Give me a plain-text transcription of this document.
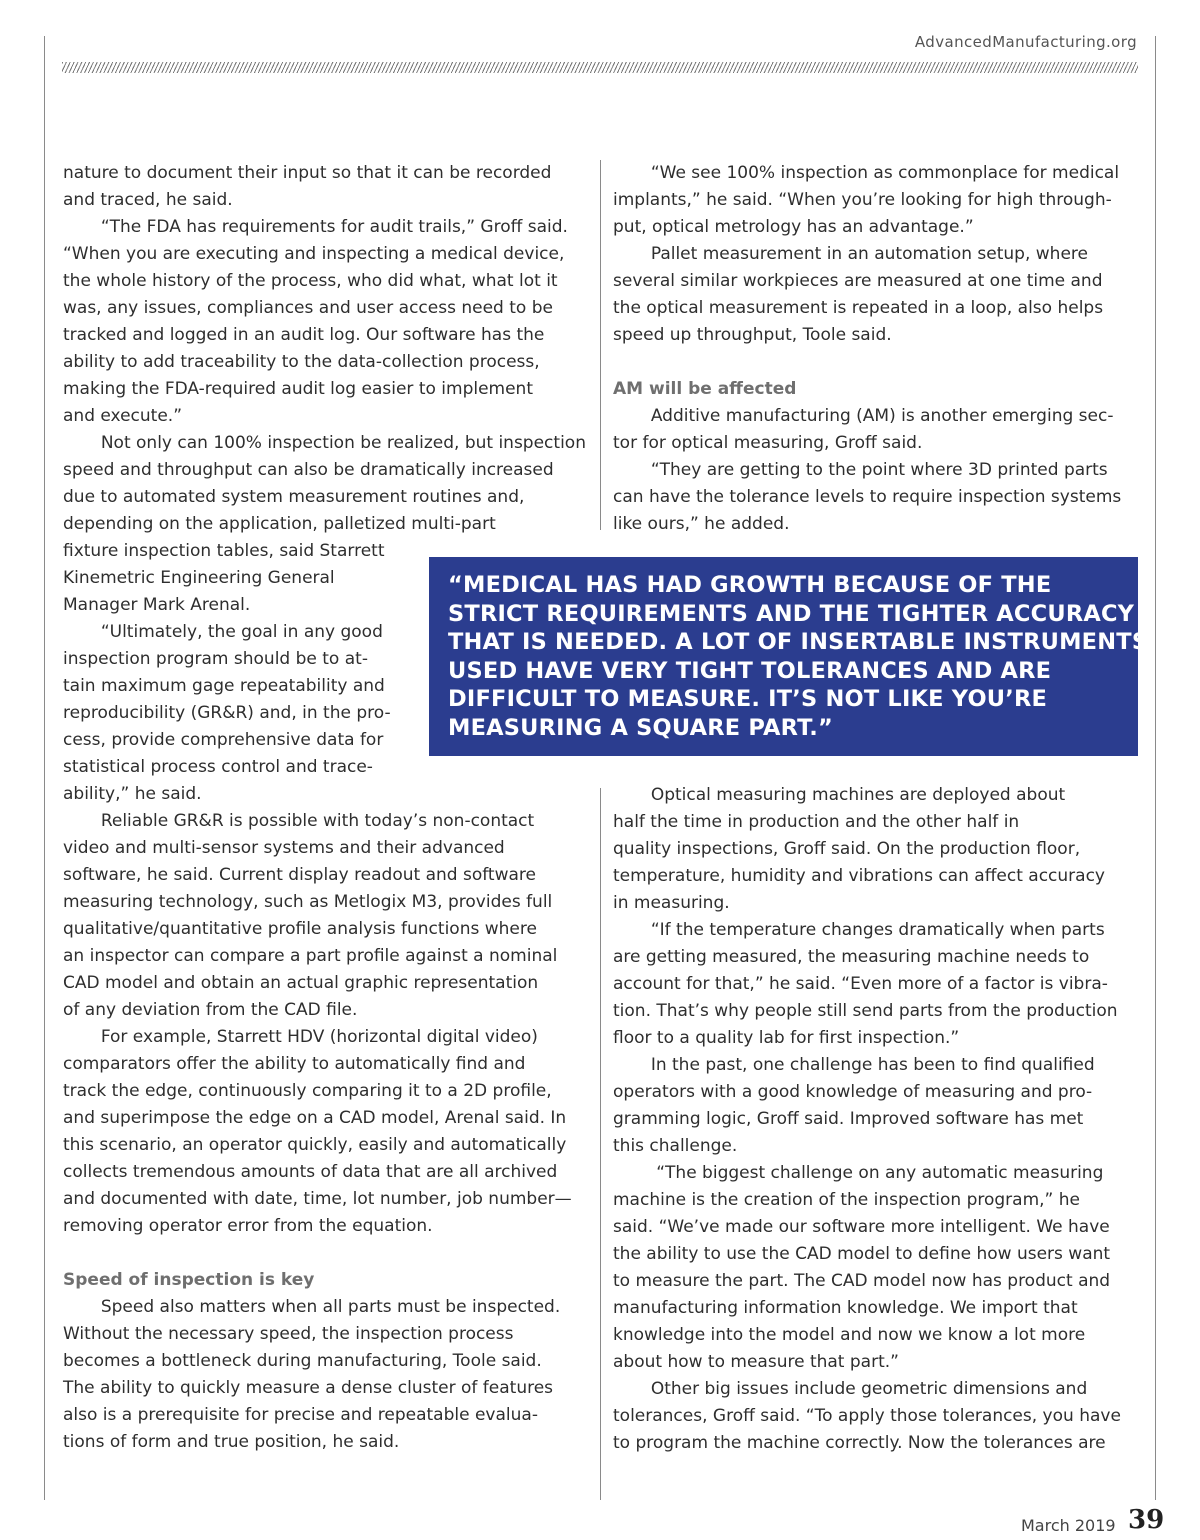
AdvancedManufacturing.org

nature to document their input so that it can be recorded

and traced, he said.

“The FDA has requirements for audit trails,” Groff said.

“When you are executing and inspecting a medical device,

the whole history of the process, who did what, what lot it

was, any issues, compliances and user access need to be

tracked and logged in an audit log. Our software has the

ability to add traceability to the data-collection process,

making the FDA-required audit log easier to implement

and execute.”

Not only can 100% inspection be realized, but inspection

speed and throughput can also be dramatically increased

due to automated system measurement routines and,

depending on the application, palletized multi-part

fixture inspection tables, said Starrett

Kinemetric Engineering General

Manager Mark Arenal.

“Ultimately, the goal in any good

inspection program should be to at-

tain maximum gage repeatability and

reproducibility (GR&R) and, in the pro-

cess, provide comprehensive data for

statistical process control and trace-

ability,” he said.

Reliable GR&R is possible with today’s non-contact

video and multi-sensor systems and their advanced

software, he said. Current display readout and software

measuring technology, such as Metlogix M3, provides full

qualitative/quantitative profile analysis functions where

an inspector can compare a part profile against a nominal

CAD model and obtain an actual graphic representation

of any deviation from the CAD file.

For example, Starrett HDV (horizontal digital video)

comparators offer the ability to automatically find and

track the edge, continuously comparing it to a 2D profile,

and superimpose the edge on a CAD model, Arenal said. In

this scenario, an operator quickly, easily and automatically

collects tremendous amounts of data that are all archived

and documented with date, time, lot number, job number—

removing operator error from the equation.

Speed of inspection is key

Speed also matters when all parts must be inspected.

Without the necessary speed, the inspection process

becomes a bottleneck during manufacturing, Toole said.

The ability to quickly measure a dense cluster of features

also is a prerequisite for precise and repeatable evalua-

tions of form and true position, he said.

“We see 100% inspection as commonplace for medical

implants,” he said. “When you’re looking for high through-

put, optical metrology has an advantage.”

Pallet measurement in an automation setup, where

several similar workpieces are measured at one time and

the optical measurement is repeated in a loop, also helps

speed up throughput, Toole said.

AM will be affected

Additive manufacturing (AM) is another emerging sec-

tor for optical measuring, Groff said.

“They are getting to the point where 3D printed parts

can have the tolerance levels to require inspection systems

like ours,” he added.

“MEDICAL HAS HAD GROWTH BECAUSE OF THE

STRICT REQUIREMENTS AND THE TIGHTER ACCURACY

THAT IS NEEDED. A LOT OF INSERTABLE INSTRUMENTS

USED HAVE VERY TIGHT TOLERANCES AND ARE

DIFFICULT TO MEASURE. IT’S NOT LIKE YOU’RE

MEASURING A SQUARE PART.”

Optical measuring machines are deployed about

half the time in production and the other half in

quality inspections, Groff said. On the production floor,

temperature, humidity and vibrations can affect accuracy

in measuring.

“If the temperature changes dramatically when parts

are getting measured, the measuring machine needs to

account for that,” he said. “Even more of a factor is vibra-

tion. That’s why people still send parts from the production

floor to a quality lab for first inspection.”

In the past, one challenge has been to find qualified

operators with a good knowledge of measuring and pro-

gramming logic, Groff said. Improved software has met

this challenge.

“The biggest challenge on any automatic measuring

machine is the creation of the inspection program,” he

said. “We’ve made our software more intelligent. We have

the ability to use the CAD model to define how users want

to measure the part. The CAD model now has product and

manufacturing information knowledge. We import that

knowledge into the model and now we know a lot more

about how to measure that part.”

Other big issues include geometric dimensions and

tolerances, Groff said. “To apply those tolerances, you have

to program the machine correctly. Now the tolerances are

March 2019 39
